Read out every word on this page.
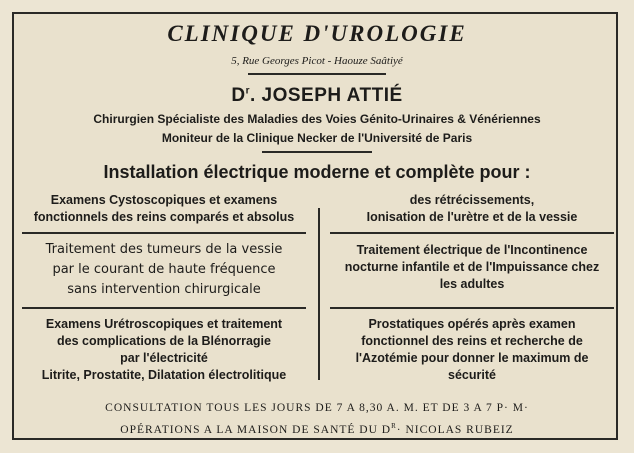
CLINIQUE D'UROLOGIE
5, Rue Georges Picot - Haouze Saâtiyé
$D^r$. JOSEPH ATTIÉ
Chirurgien Spécialiste des Maladies des Voies Génito-Urinaires & Vénériennes
Moniteur de la Clinique Necker de l'Université de Paris
Installation électrique moderne et complète pour :
Examens Cystoscopiques et examens
fonctionnels des reins comparés et absolus
Traitement des tumeurs de la vessie
par le courant de haute fréquence
sans intervention chirurgicale
Examens Urétroscopiques et traitement
des complications de la Blénorragie
par l'électricité
Litrite, Prostatite, Dilatation électrolitique
des rétrécissements,
Ionisation de l'urètre et de la vessie
Traitement électrique de l'Incontinence
nocturne infantile et de l'Impuissance chez
les adultes
Prostatiques opérés après examen
fonctionnel des reins et recherche de
l'Azotémie pour donner le maximum de
sécurité
CONSULTATION TOUS LES JOURS DE 7 A 8,30 A. M. ET DE 3 A 7 P· M·
OPÉRATIONS A LA MAISON DE SANTÉ DU $D^R\cdot$ NICOLAS RUBEIZ
